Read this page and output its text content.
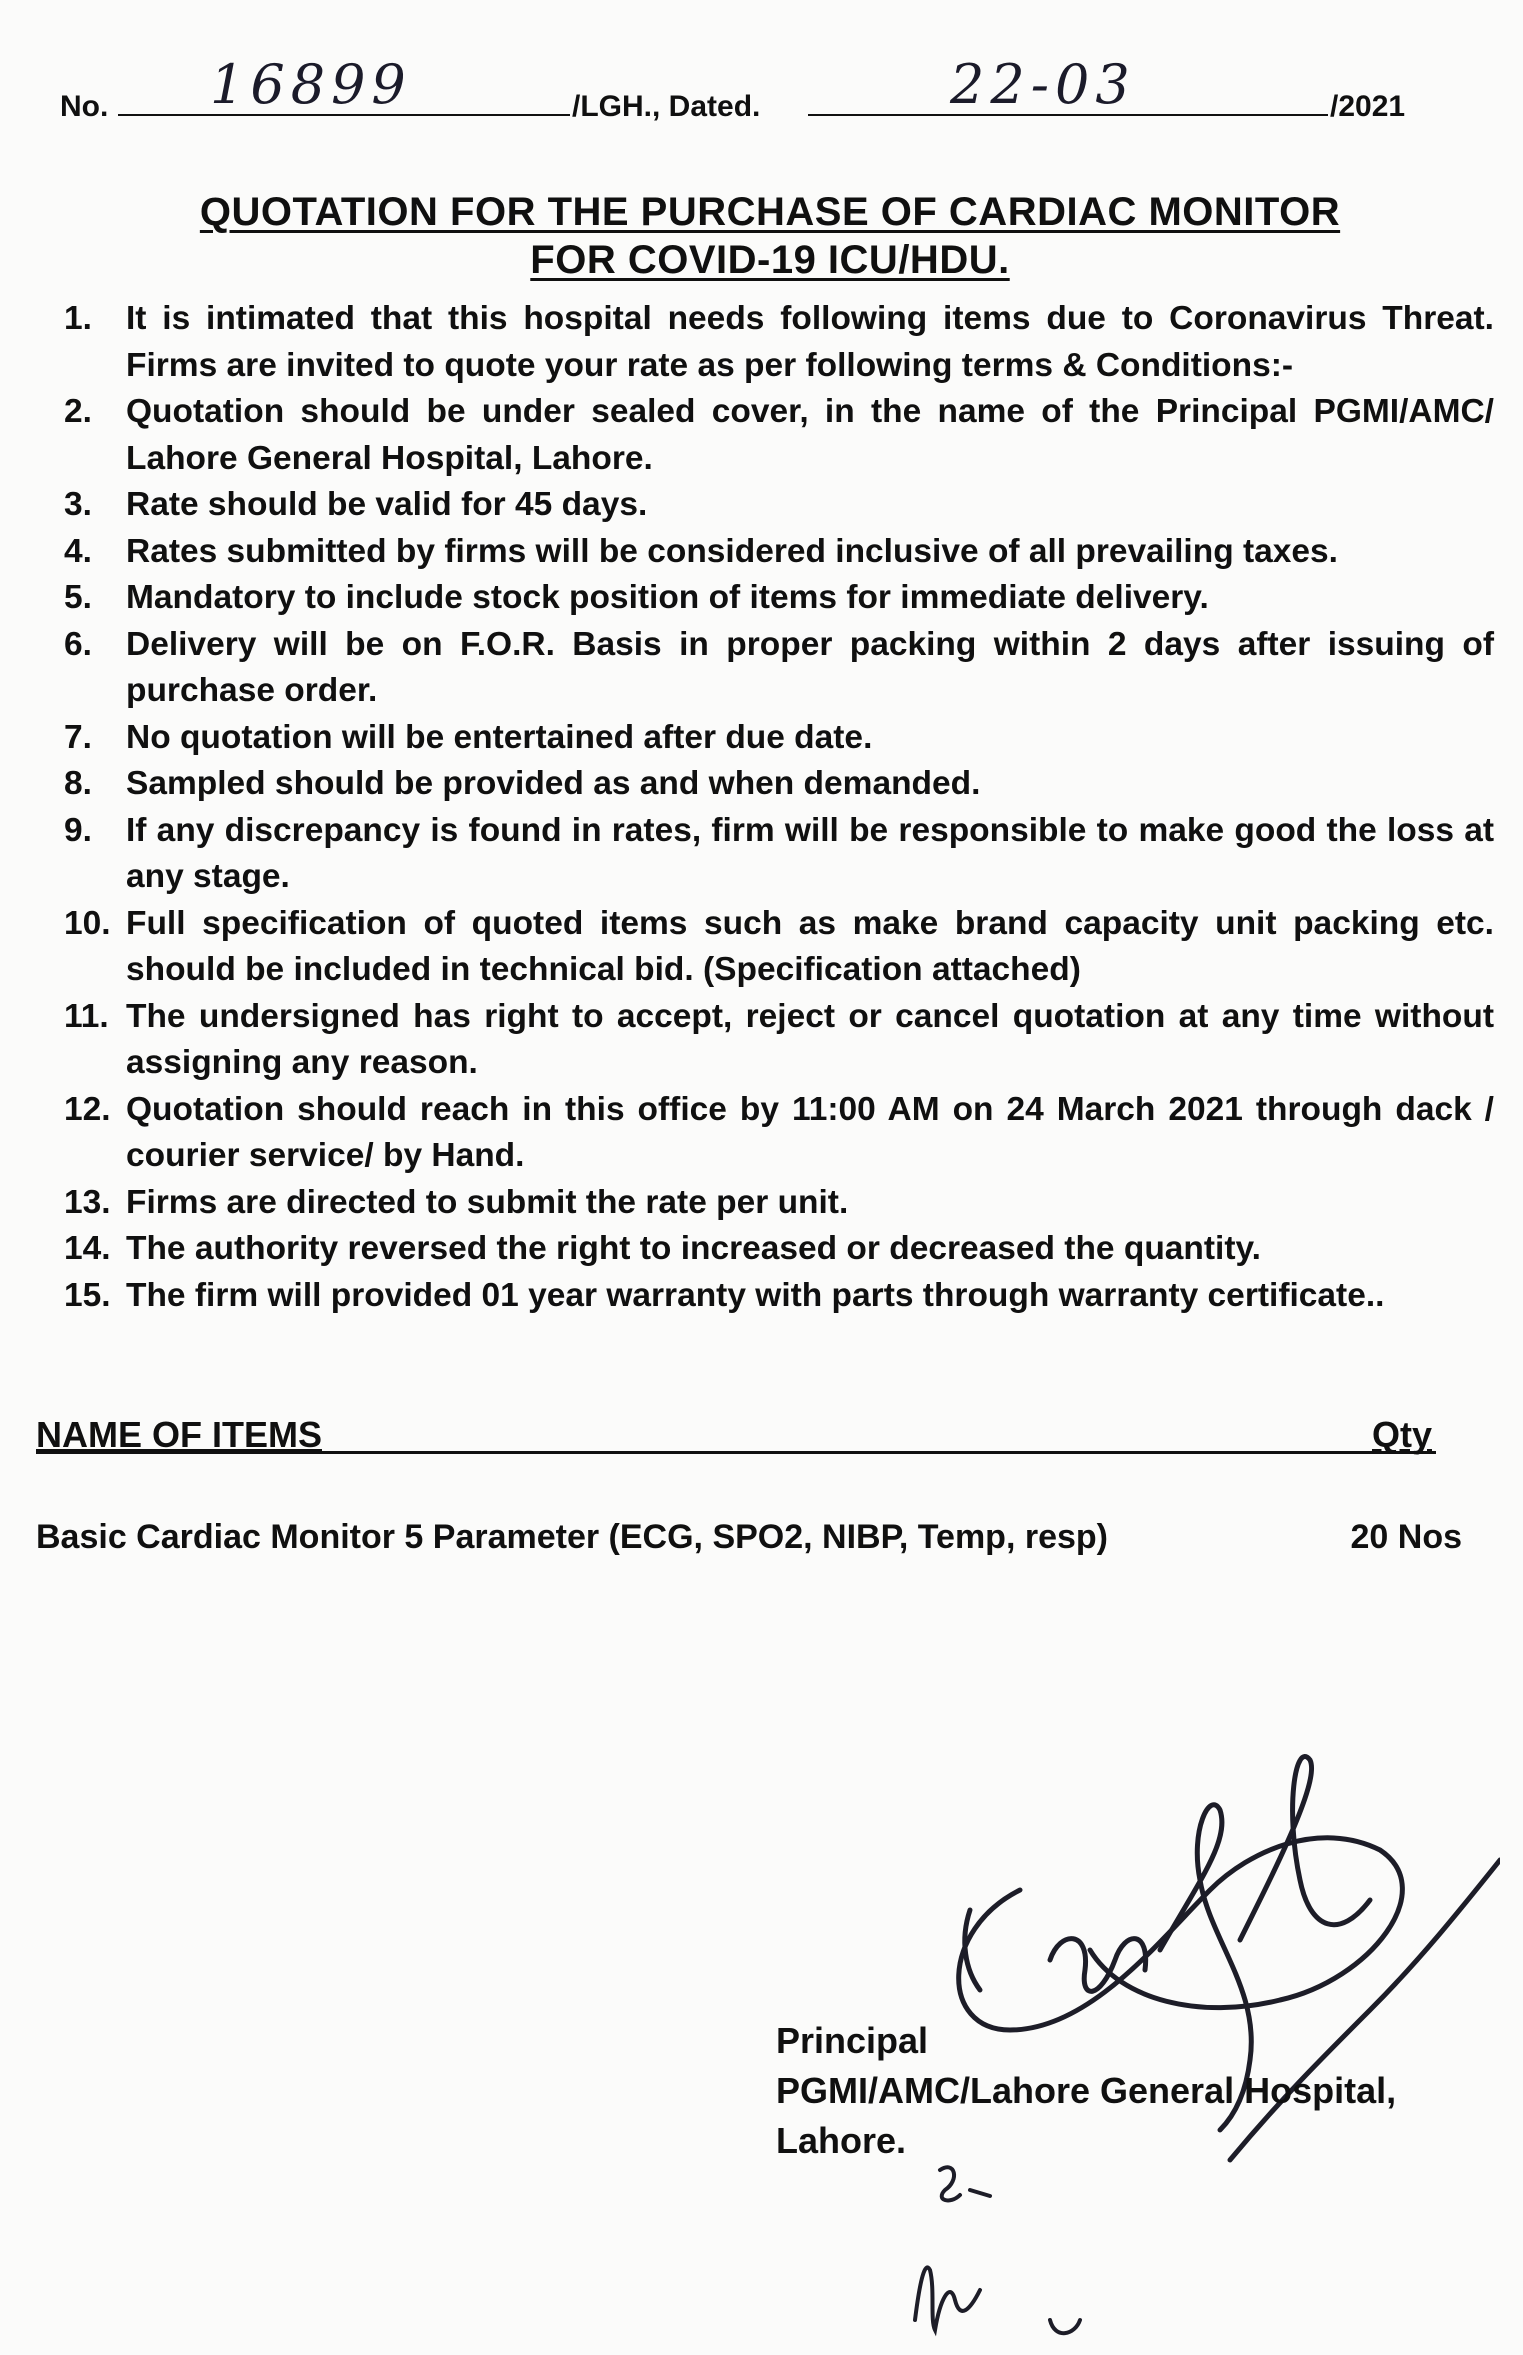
No. 16899	/LGH., Dated.	22-03	/2021
QUOTATION FOR THE PURCHASE OF CARDIAC MONITOR
FOR COVID-19 ICU/HDU.
1. It is intimated that this hospital needs following items due to Coronavirus Threat. Firms are invited to quote your rate as per following terms & Conditions:-
2. Quotation should be under sealed cover, in the name of the Principal PGMI/AMC/ Lahore General Hospital, Lahore.
3. Rate should be valid for 45 days.
4. Rates submitted by firms will be considered inclusive of all prevailing taxes.
5. Mandatory to include stock position of items for immediate delivery.
6. Delivery will be on F.O.R. Basis in proper packing within 2 days after issuing of purchase order.
7. No quotation will be entertained after due date.
8. Sampled should be provided as and when demanded.
9. If any discrepancy is found in rates, firm will be responsible to make good the loss at any stage.
10. Full specification of quoted items such as make brand capacity unit packing etc. should be included in technical bid. (Specification attached)
11. The undersigned has right to accept, reject or cancel quotation at any time without assigning any reason.
12. Quotation should reach in this office by 11:00 AM on 24 March 2021 through dack / courier service/ by Hand.
13. Firms are directed to submit the rate per unit.
14. The authority reversed the right to increased or decreased the quantity.
15. The firm will provided 01 year warranty with parts through warranty certificate..
NAME OF ITEMS	Qty
Basic Cardiac Monitor 5 Parameter (ECG, SPO2, NIBP, Temp, resp)	20 Nos
Principal
PGMI/AMC/Lahore General Hospital,
Lahore.
